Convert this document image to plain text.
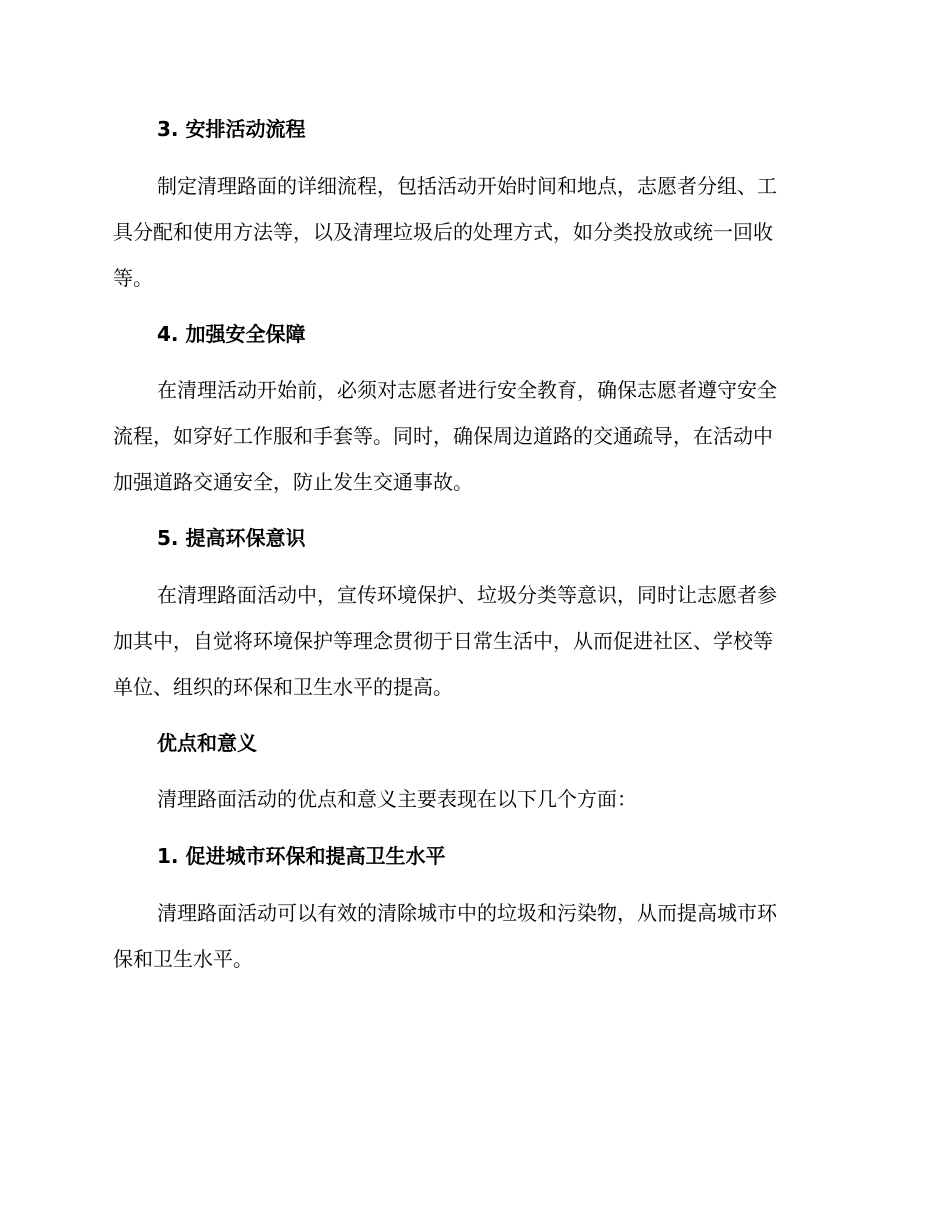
3. 安排活动流程

制定清理路面的详细流程，包括活动开始时间和地点，志愿者分组、工

具分配和使用方法等，以及清理垃圾后的处理方式，如分类投放或统一回收

等。

4. 加强安全保障

在清理活动开始前，必须对志愿者进行安全教育，确保志愿者遵守安全

流程，如穿好工作服和手套等。同时，确保周边道路的交通疏导，在活动中

加强道路交通安全，防止发生交通事故。

5. 提高环保意识

在清理路面活动中，宣传环境保护、垃圾分类等意识，同时让志愿者参

加其中，自觉将环境保护等理念贯彻于日常生活中，从而促进社区、学校等

单位、组织的环保和卫生水平的提高。

优点和意义

清理路面活动的优点和意义主要表现在以下几个方面：

1. 促进城市环保和提高卫生水平

清理路面活动可以有效的清除城市中的垃圾和污染物，从而提高城市环

保和卫生水平。
